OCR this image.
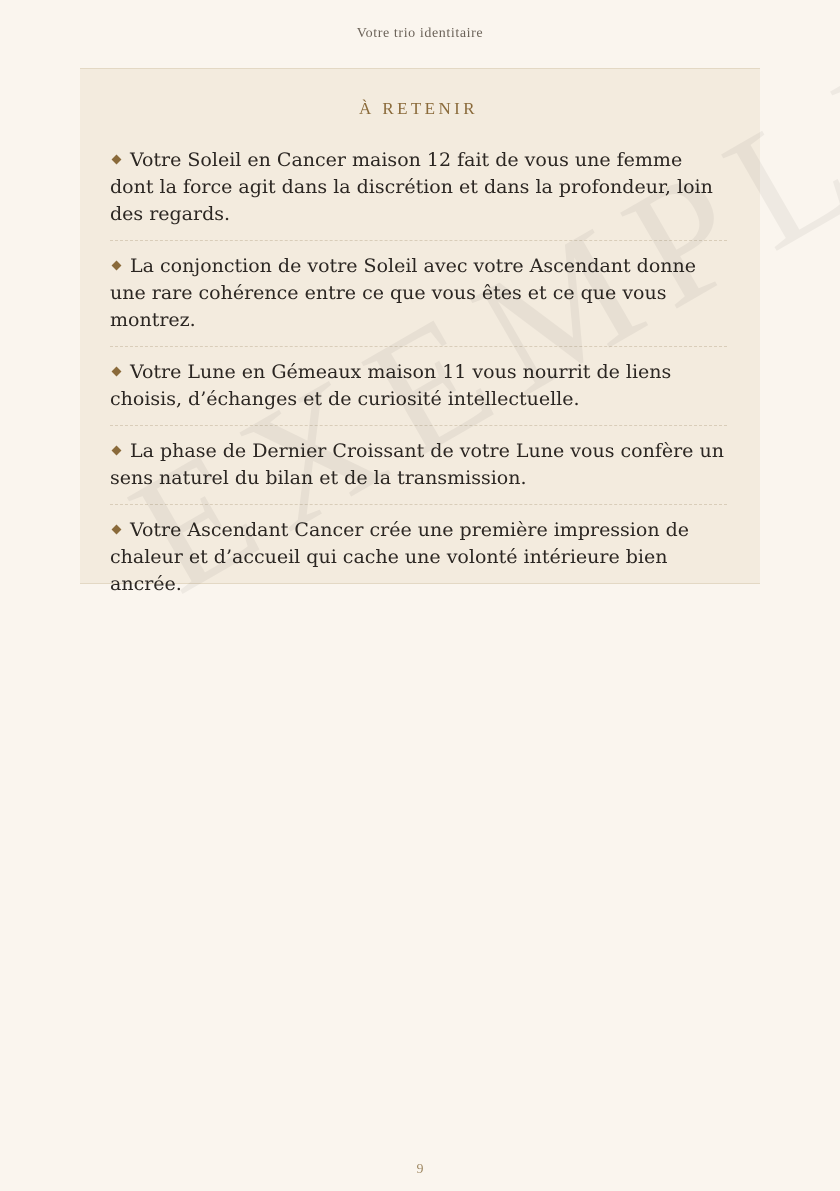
Votre trio identitaire
À RETENIR
Votre Soleil en Cancer maison 12 fait de vous une femme dont la force agit dans la discrétion et dans la profondeur, loin des regards.
La conjonction de votre Soleil avec votre Ascendant donne une rare cohérence entre ce que vous êtes et ce que vous montrez.
Votre Lune en Gémeaux maison 11 vous nourrit de liens choisis, d’échanges et de curiosité intellectuelle.
La phase de Dernier Croissant de votre Lune vous confère un sens naturel du bilan et de la transmission.
Votre Ascendant Cancer crée une première impression de chaleur et d’accueil qui cache une volonté intérieure bien ancrée.
9
